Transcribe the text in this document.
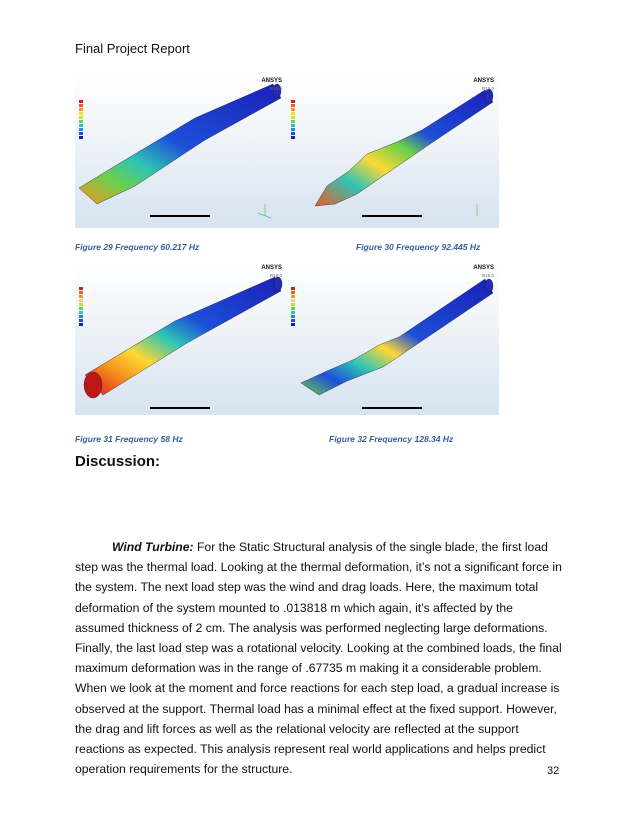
Final Project Report
ANSYS
R15.0
Figure 29 Frequency 60.217 Hz
ANSYS
R15.0
Figure 30 Frequency 92.445 Hz
ANSYS
R15.0
Figure 31 Frequency 58 Hz
ANSYS
R15.0
Figure 32 Frequency 128.34 Hz
Discussion:

Wind Turbine: For the Static Structural analysis of the single blade, the first load step was the thermal load. Looking at the thermal deformation, it’s not a significant force in the system. The next load step was the wind and drag loads. Here, the maximum total deformation of the system mounted to .013818 m which again, it’s affected by the assumed thickness of 2 cm. The analysis was performed neglecting large deformations. Finally, the last load step was a rotational velocity. Looking at the combined loads, the final maximum deformation was in the range of .67735 m making it a considerable problem. When we look at the moment and force reactions for each step load, a gradual increase is observed at the support. Thermal load has a minimal effect at the fixed support. However, the drag and lift forces as well as the relational velocity are reflected at the support reactions as expected. This analysis represent real world applications and helps predict operation requirements for the structure.	32
